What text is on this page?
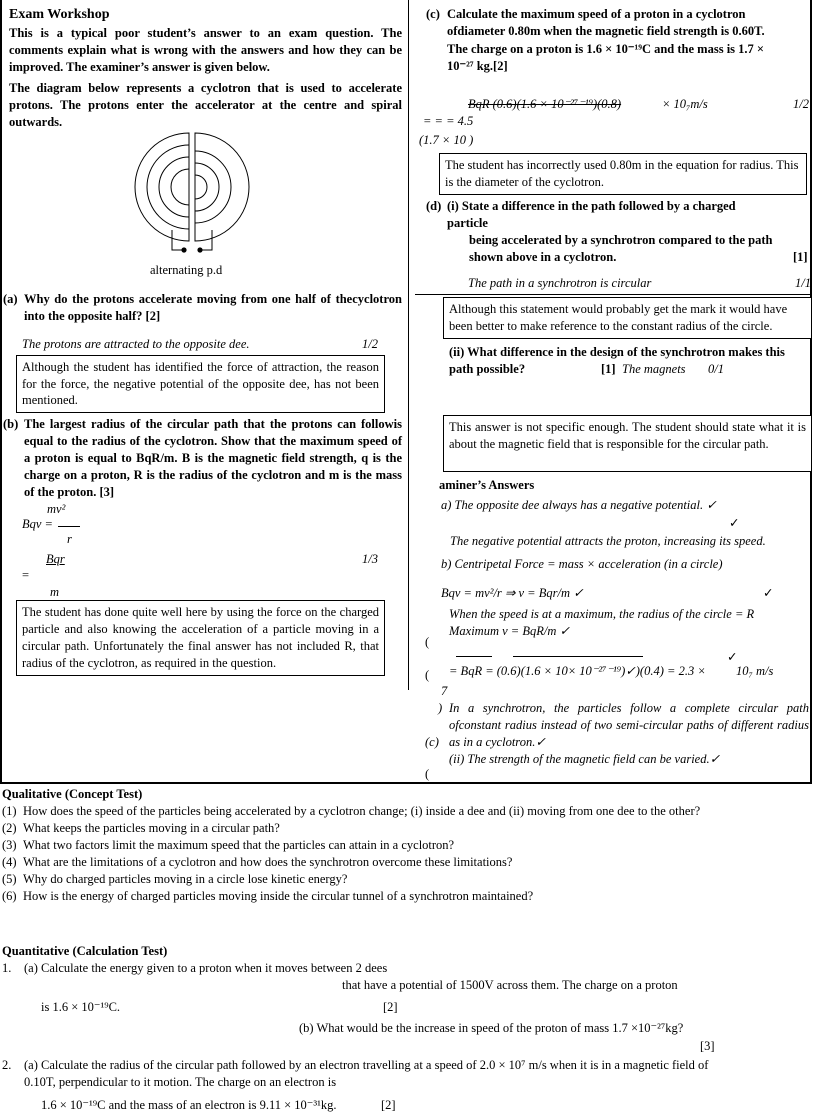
Exam Workshop
This is a typical poor student’s answer to an exam question. The comments explain what is wrong with the answers and how they can be improved. The examiner’s answer is given below.
The diagram below represents a cyclotron that is used to accelerate protons. The protons enter the accelerator at the centre and spiral outwards.
alternating p.d
(a) Why do the protons accelerate moving from one half of thecyclotron into the opposite half? [2]
The protons are attracted to the opposite dee.	1/2
Although the student has identified the force of attraction, the reason for the force, the negative potential of the opposite dee, has not been mentioned.
(b) The largest radius of the circular path that the protons can followis equal to the radius of the cyclotron. Show that the maximum speed of a proton is equal to BqR/m. B is the magnetic field strength, q is the charge on a proton, R is the radius of the cyclotron and m is the mass of the proton. [3]
mv²
Bqv =
r
Bqr	1/3
=
m
The student has done quite well here by using the force on the charged particle and also knowing the acceleration of a particle moving in a circular path. Unfortunately the final answer has not included R, that radius of the cyclotron, as required in the question.
(c) Calculate the maximum speed of a proton in a cyclotron
ofdiameter 0.80m when the magnetic field strength is 0.60T.
The charge on a proton is 1.6 × 10⁻¹⁹C and the mass is 1.7 ×
10⁻²⁷ kg.[2]
BqR (0.6)(1.6 × 10⁻²⁷⁻¹⁹)(0.8)	× 10₇m/s	1/2
= = = 4.5
(1.7 × 10 )
The student has incorrectly used 0.80m in the equation for radius. This is the diameter of the cyclotron.
(d) (i) State a difference in the path followed by a charged particle
being accelerated by a synchrotron compared to the path shown above in a cyclotron.	[1]
The path in a synchrotron is circular	1/1
Although this statement would probably get the mark it would have been better to make reference to the constant radius of the circle.
(ii) What difference in the design of the synchrotron makes this path possible?	[1] The magnets 0/1
This answer is not specific enough. The student should state what it is about the magnetic field that is responsible for the circular path.
aminer’s Answers
a) The opposite dee always has a negative potential. ✓
✓
The negative potential attracts the proton, increasing its speed.
b) Centripetal Force = mass × acceleration (in a circle)
Bqv = mv²/r ⇒ v = Bqr/m ✓	✓
When the speed is at a maximum, the radius of the circle = R
Maximum v = BqR/m ✓
(
( = BqR = (0.6)(1.6 × 10× 10⁻²⁷⁻¹⁹)✓)(0.4) = 2.3 ×
✓
10₇ m/s
7
) In a synchrotron, the particles follow a complete circular path ofconstant radius instead of two semi-circular paths of different radius as in a cyclotron.✓
(c)
(ii) The strength of the magnetic field can be varied.✓
(
Qualitative (Concept Test)
(1) How does the speed of the particles being accelerated by a cyclotron change; (i) inside a dee and (ii) moving from one dee to the other?
(2) What keeps the particles moving in a circular path?
(3) What two factors limit the maximum speed that the particles can attain in a cyclotron?
(4) What are the limitations of a cyclotron and how does the synchrotron overcome these limitations?
(5) Why do charged particles moving in a circle lose kinetic energy?
(6) How is the energy of charged particles moving inside the circular tunnel of a synchrotron maintained?
Quantitative (Calculation Test)
1. (a) Calculate the energy given to a proton when it moves between 2 dees
that have a potential of 1500V across them. The charge on a proton
is 1.6 × 10⁻¹⁹C.	[2]
(b) What would be the increase in speed of the proton of mass 1.7 ×10⁻²⁷kg?
[3]
2. (a) Calculate the radius of the circular path followed by an electron travelling at a speed of 2.0 × 10⁷ m/s when it is in a magnetic field of 0.10T, perpendicular to it motion. The charge on an electron is
1.6 × 10⁻¹⁹C and the mass of an electron is 9.11 × 10⁻³¹kg.	[2]
